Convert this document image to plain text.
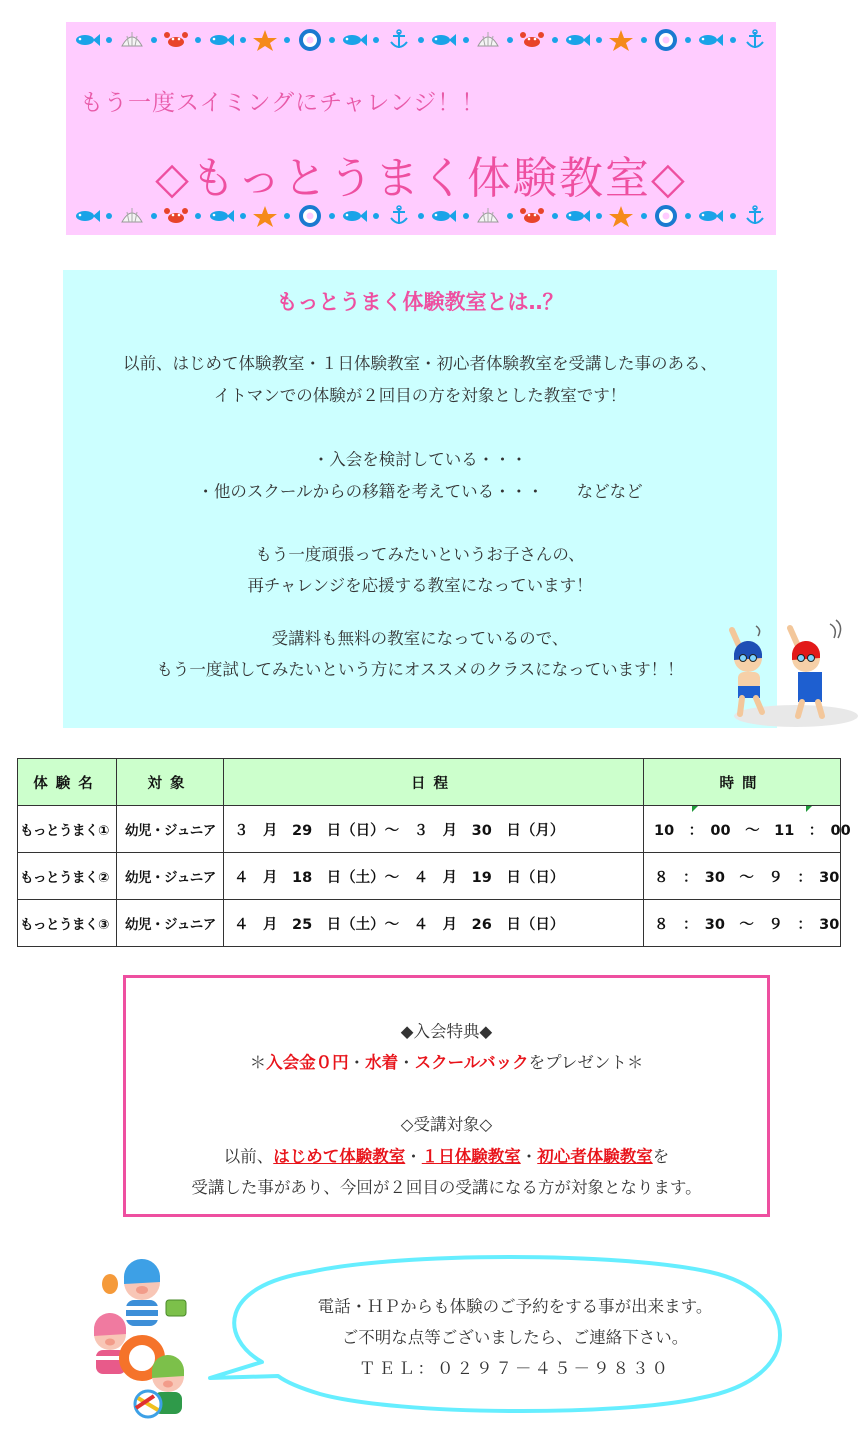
もう一度スイミングにチャレンジ！！
◇もっとうまく体験教室◇
もっとうまく体験教室とは‥？
以前、はじめて体験教室・１日体験教室・初心者体験教室を受講した事のある、
イトマンでの体験が２回目の方を対象とした教室です！
・入会を検討している・・・
・他のスクールからの移籍を考えている・・・　　などなど
もう一度頑張ってみたいというお子さんの、
再チャレンジを応援する教室になっています！
受講料も無料の教室になっているので、
もう一度試してみたいという方にオススメのクラスになっています！！
体験名	対象	日程	時間
もっとうまく①	幼児・ジュニア	３　月　29　日（日）～　３　月　30　日（月）	10　：　00　～　11　：　00
もっとうまく②	幼児・ジュニア	４　月　18　日（土）～　４　月　19　日（日）	８　：　30　～　９　：　30
もっとうまく③	幼児・ジュニア	４　月　25　日（土）～　４　月　26　日（日）	８　：　30　～　９　：　30
◆入会特典◆
＊入会金０円・水着・スクールバックをプレゼント＊
◇受講対象◇
以前、はじめて体験教室・１日体験教室・初心者体験教室を
受講した事があり、今回が２回目の受講になる方が対象となります。
電話・ＨＰからも体験のご予約をする事が出来ます。
ご不明な点等ございましたら、ご連絡下さい。
ＴＥＬ：０２９７－４５－９８３０
